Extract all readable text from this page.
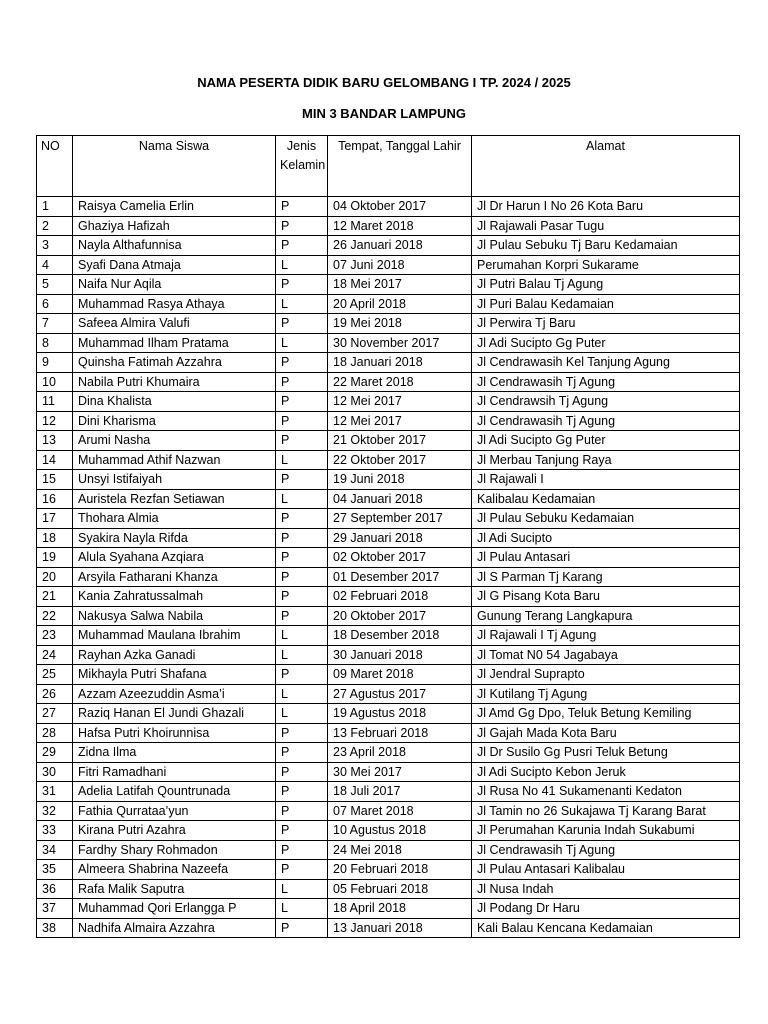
NAMA PESERTA DIDIK BARU GELOMBANG I TP. 2024 / 2025
MIN 3 BANDAR LAMPUNG
NO	Nama Siswa	Jenis Kelamin	Tempat, Tanggal Lahir	Alamat
1	Raisya Camelia Erlin	P	04 Oktober 2017	Jl Dr Harun I No 26 Kota Baru
2	Ghaziya Hafizah	P	12 Maret 2018	Jl Rajawali Pasar Tugu
3	Nayla Althafunnisa	P	26 Januari 2018	Jl Pulau Sebuku Tj Baru Kedamaian
4	Syafi Dana Atmaja	L	07 Juni 2018	Perumahan Korpri Sukarame
5	Naifa Nur Aqila	P	18 Mei 2017	Jl Putri Balau Tj Agung
6	Muhammad Rasya Athaya	L	20 April 2018	Jl Puri Balau Kedamaian
7	Safeea Almira Valufi	P	19 Mei 2018	Jl Perwira Tj Baru
8	Muhammad Ilham Pratama	L	30 November 2017	Jl Adi Sucipto Gg Puter
9	Quinsha Fatimah Azzahra	P	18 Januari 2018	Jl Cendrawasih Kel Tanjung Agung
10	Nabila Putri Khumaira	P	22 Maret 2018	Jl Cendrawasih Tj Agung
11	Dina Khalista	P	12 Mei 2017	Jl Cendrawsih Tj Agung
12	Dini Kharisma	P	12 Mei 2017	Jl Cendrawasih Tj Agung
13	Arumi Nasha	P	21 Oktober 2017	Jl Adi Sucipto Gg Puter
14	Muhammad Athif Nazwan	L	22 Oktober 2017	Jl Merbau Tanjung Raya
15	Unsyi Istifaiyah	P	19 Juni 2018	Jl Rajawali I
16	Auristela Rezfan Setiawan	L	04 Januari 2018	Kalibalau Kedamaian
17	Thohara Almia	P	27 September 2017	Jl Pulau Sebuku Kedamaian
18	Syakira Nayla Rifda	P	29 Januari 2018	Jl Adi Sucipto
19	Alula Syahana Azqiara	P	02 Oktober 2017	Jl Pulau Antasari
20	Arsyila Fatharani Khanza	P	01 Desember 2017	Jl S Parman Tj Karang
21	Kania Zahratussalmah	P	02 Februari 2018	Jl G Pisang Kota Baru
22	Nakusya Salwa Nabila	P	20 Oktober 2017	Gunung Terang Langkapura
23	Muhammad Maulana Ibrahim	L	18 Desember 2018	Jl Rajawali I Tj Agung
24	Rayhan Azka Ganadi	L	30 Januari 2018	Jl Tomat N0 54 Jagabaya
25	Mikhayla Putri Shafana	P	09 Maret 2018	Jl Jendral Suprapto
26	Azzam Azeezuddin Asma’i	L	27 Agustus 2017	Jl Kutilang Tj Agung
27	Raziq Hanan El Jundi Ghazali	L	19 Agustus 2018	Jl Amd Gg Dpo, Teluk Betung Kemiling
28	Hafsa Putri Khoirunnisa	P	13 Februari 2018	Jl Gajah Mada Kota Baru
29	Zidna Ilma	P	23 April 2018	Jl Dr Susilo Gg Pusri Teluk Betung
30	Fitri Ramadhani	P	30 Mei 2017	Jl Adi Sucipto Kebon Jeruk
31	Adelia Latifah Qountrunada	P	18 Juli 2017	Jl Rusa No 41 Sukamenanti Kedaton
32	Fathia Qurrataa’yun	P	07 Maret 2018	Jl Tamin no 26 Sukajawa Tj Karang Barat
33	Kirana Putri Azahra	P	10 Agustus 2018	Jl Perumahan Karunia Indah Sukabumi
34	Fardhy Shary Rohmadon	P	24 Mei 2018	Jl Cendrawasih Tj Agung
35	Almeera Shabrina Nazeefa	P	20 Februari 2018	Jl Pulau Antasari Kalibalau
36	Rafa Malik Saputra	L	05 Februari 2018	Jl Nusa Indah
37	Muhammad Qori Erlangga P	L	18 April 2018	Jl Podang Dr Haru
38	Nadhifa Almaira Azzahra	P	13 Januari 2018	Kali Balau Kencana Kedamaian
